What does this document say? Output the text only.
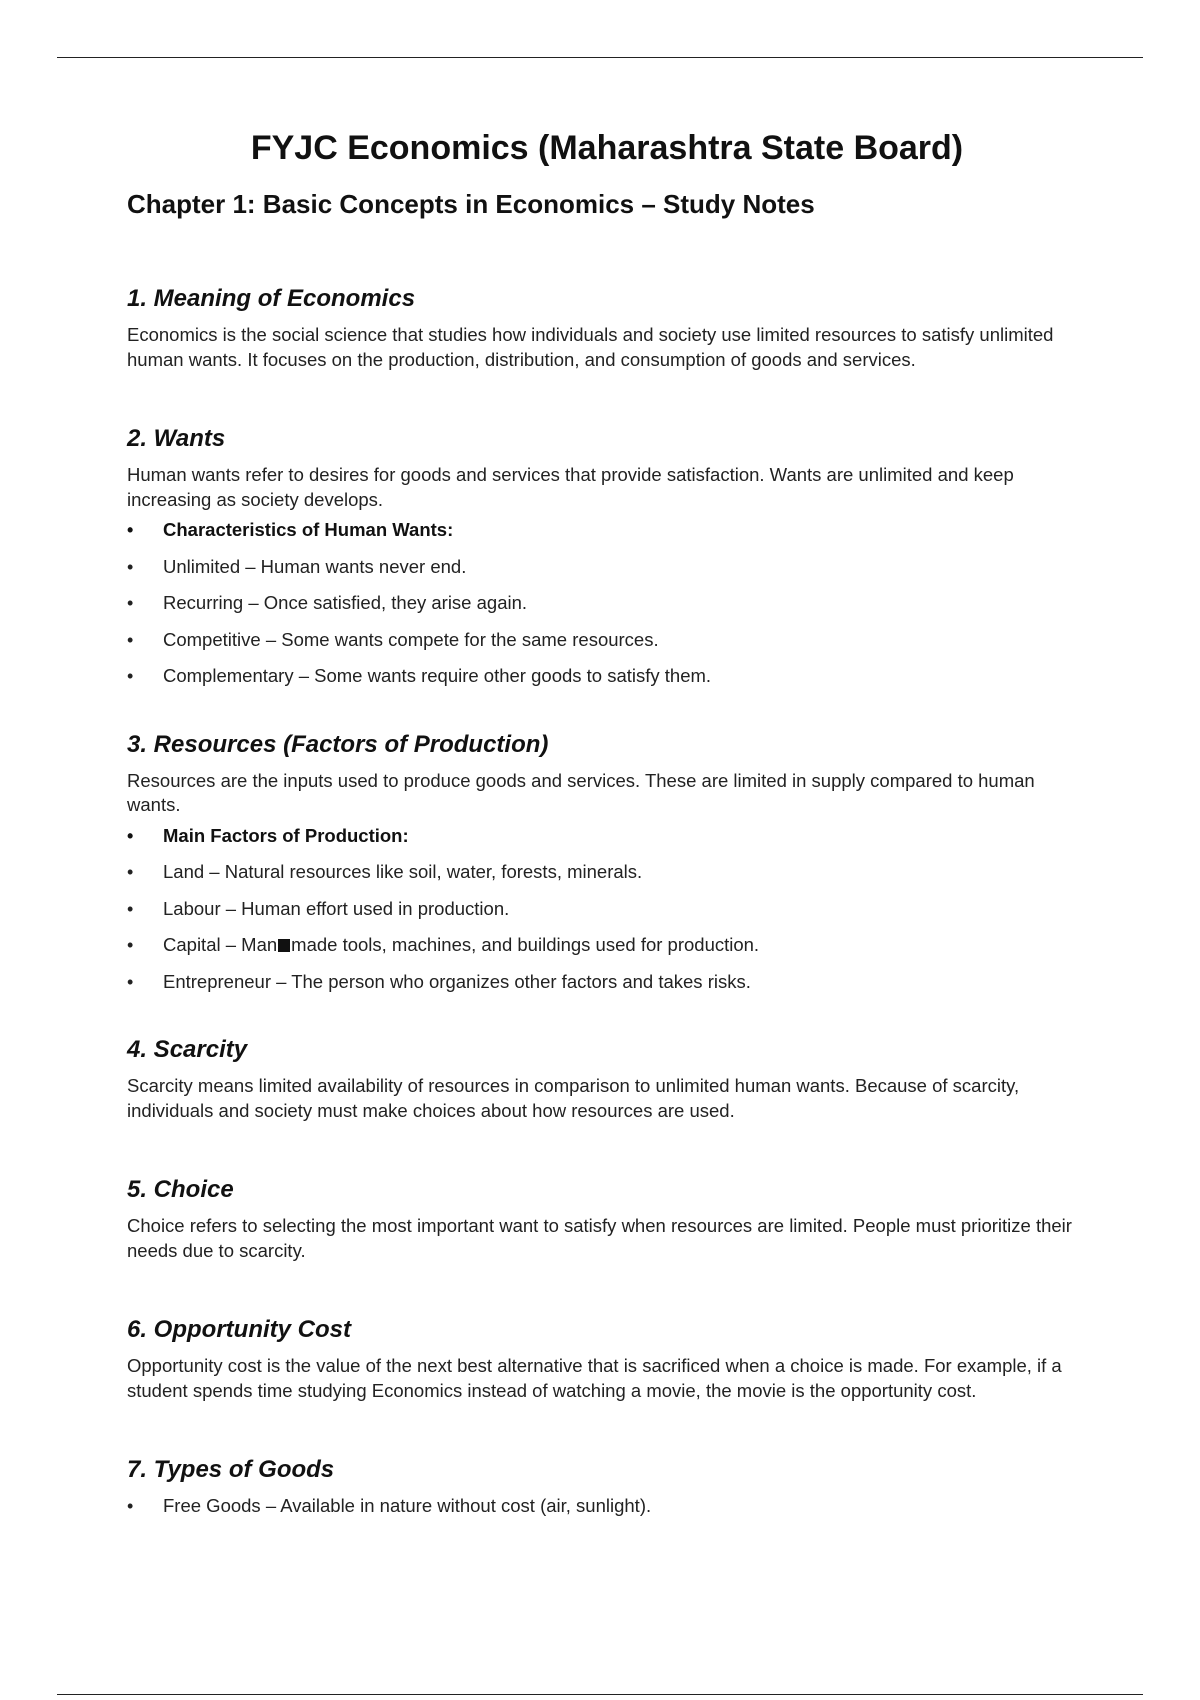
FYJC Economics (Maharashtra State Board)
Chapter 1: Basic Concepts in Economics – Study Notes
1. Meaning of Economics

Economics is the social science that studies how individuals and society use limited resources to satisfy unlimited human wants. It focuses on the production, distribution, and consumption of goods and services.

2. Wants

Human wants refer to desires for goods and services that provide satisfaction. Wants are unlimited and keep increasing as society develops.

• Characteristics of Human Wants:
• Unlimited – Human wants never end.
• Recurring – Once satisfied, they arise again.
• Competitive – Some wants compete for the same resources.
• Complementary – Some wants require other goods to satisfy them.
3. Resources (Factors of Production)

Resources are the inputs used to produce goods and services. These are limited in supply compared to human wants.

• Main Factors of Production:
• Land – Natural resources like soil, water, forests, minerals.
• Labour – Human effort used in production.
• Capital – Man made tools, machines, and buildings used for production.
• Entrepreneur – The person who organizes other factors and takes risks.
4. Scarcity

Scarcity means limited availability of resources in comparison to unlimited human wants. Because of scarcity, individuals and society must make choices about how resources are used.

5. Choice

Choice refers to selecting the most important want to satisfy when resources are limited. People must prioritize their needs due to scarcity.

6. Opportunity Cost

Opportunity cost is the value of the next best alternative that is sacrificed when a choice is made. For example, if a student spends time studying Economics instead of watching a movie, the movie is the opportunity cost.

7. Types of Goods
• Free Goods – Available in nature without cost (air, sunlight).
